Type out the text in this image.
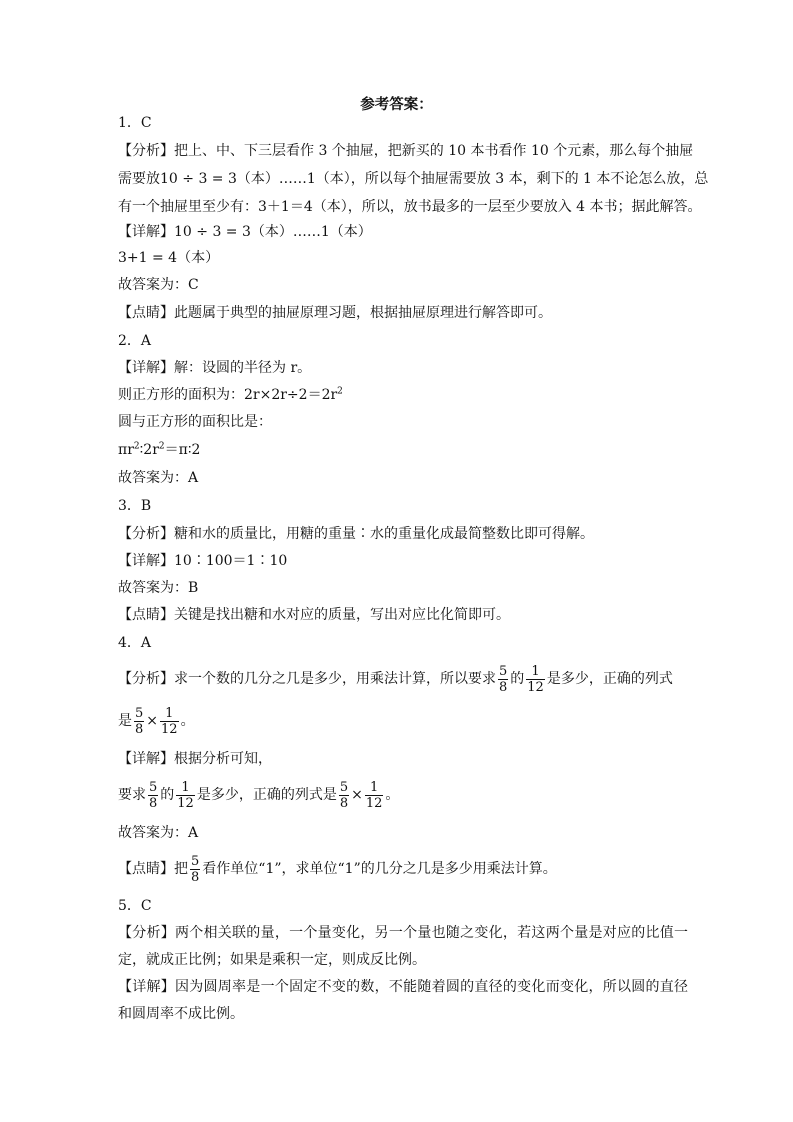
参考答案：
1．C
【分析】把上、中、下三层看作 3 个抽屉，把新买的 10 本书看作 10 个元素，那么每个抽屉
需要放10 ÷ 3 = 3（本）……1（本），所以每个抽屉需要放 3 本，剩下的 1 本不论怎么放，总
有一个抽屉里至少有：3＋1＝4（本），所以，放书最多的一层至少要放入 4 本书；据此解答。
【详解】10 ÷ 3 = 3（本）……1（本）
3+1 = 4（本）
故答案为：C
【点睛】此题属于典型的抽屉原理习题，根据抽屉原理进行解答即可。
2．A
【详解】解：设圆的半径为 r。
则正方形的面积为：$2r\times 2r\div 2=2r^2$
圆与正方形的面积比是：
$\pi r^2∶2r^2=\pi∶2$
故答案为：A
3．B
【分析】糖和水的质量比，用糖的重量∶水的重量化成最简整数比即可得解。
【详解】10∶100＝1∶10
故答案为：B
【点睛】关键是找出糖和水对应的质量，写出对应比化简即可。
4．A
【分析】求一个数的几分之几是多少，用乘法计算，所以要求 $\frac{5}{8}$ 的 $\frac{1}{12}$ 是多少，正确的列式
是 $\frac{5}{8} \times \frac{1}{12}$ 。
【详解】根据分析可知，
要求 $\frac{5}{8}$ 的 $\frac{1}{12}$ 是多少，正确的列式是 $\frac{5}{8} \times \frac{1}{12}$ 。
故答案为：A
【点睛】把 $\frac{5}{8}$ 看作单位“1”，求单位“1”的几分之几是多少用乘法计算。
5．C
【分析】两个相关联的量，一个量变化，另一个量也随之变化，若这两个量是对应的比值一
定，就成正比例；如果是乘积一定，则成反比例。
【详解】因为圆周率是一个固定不变的数，不能随着圆的直径的变化而变化，所以圆的直径
和圆周率不成比例。
